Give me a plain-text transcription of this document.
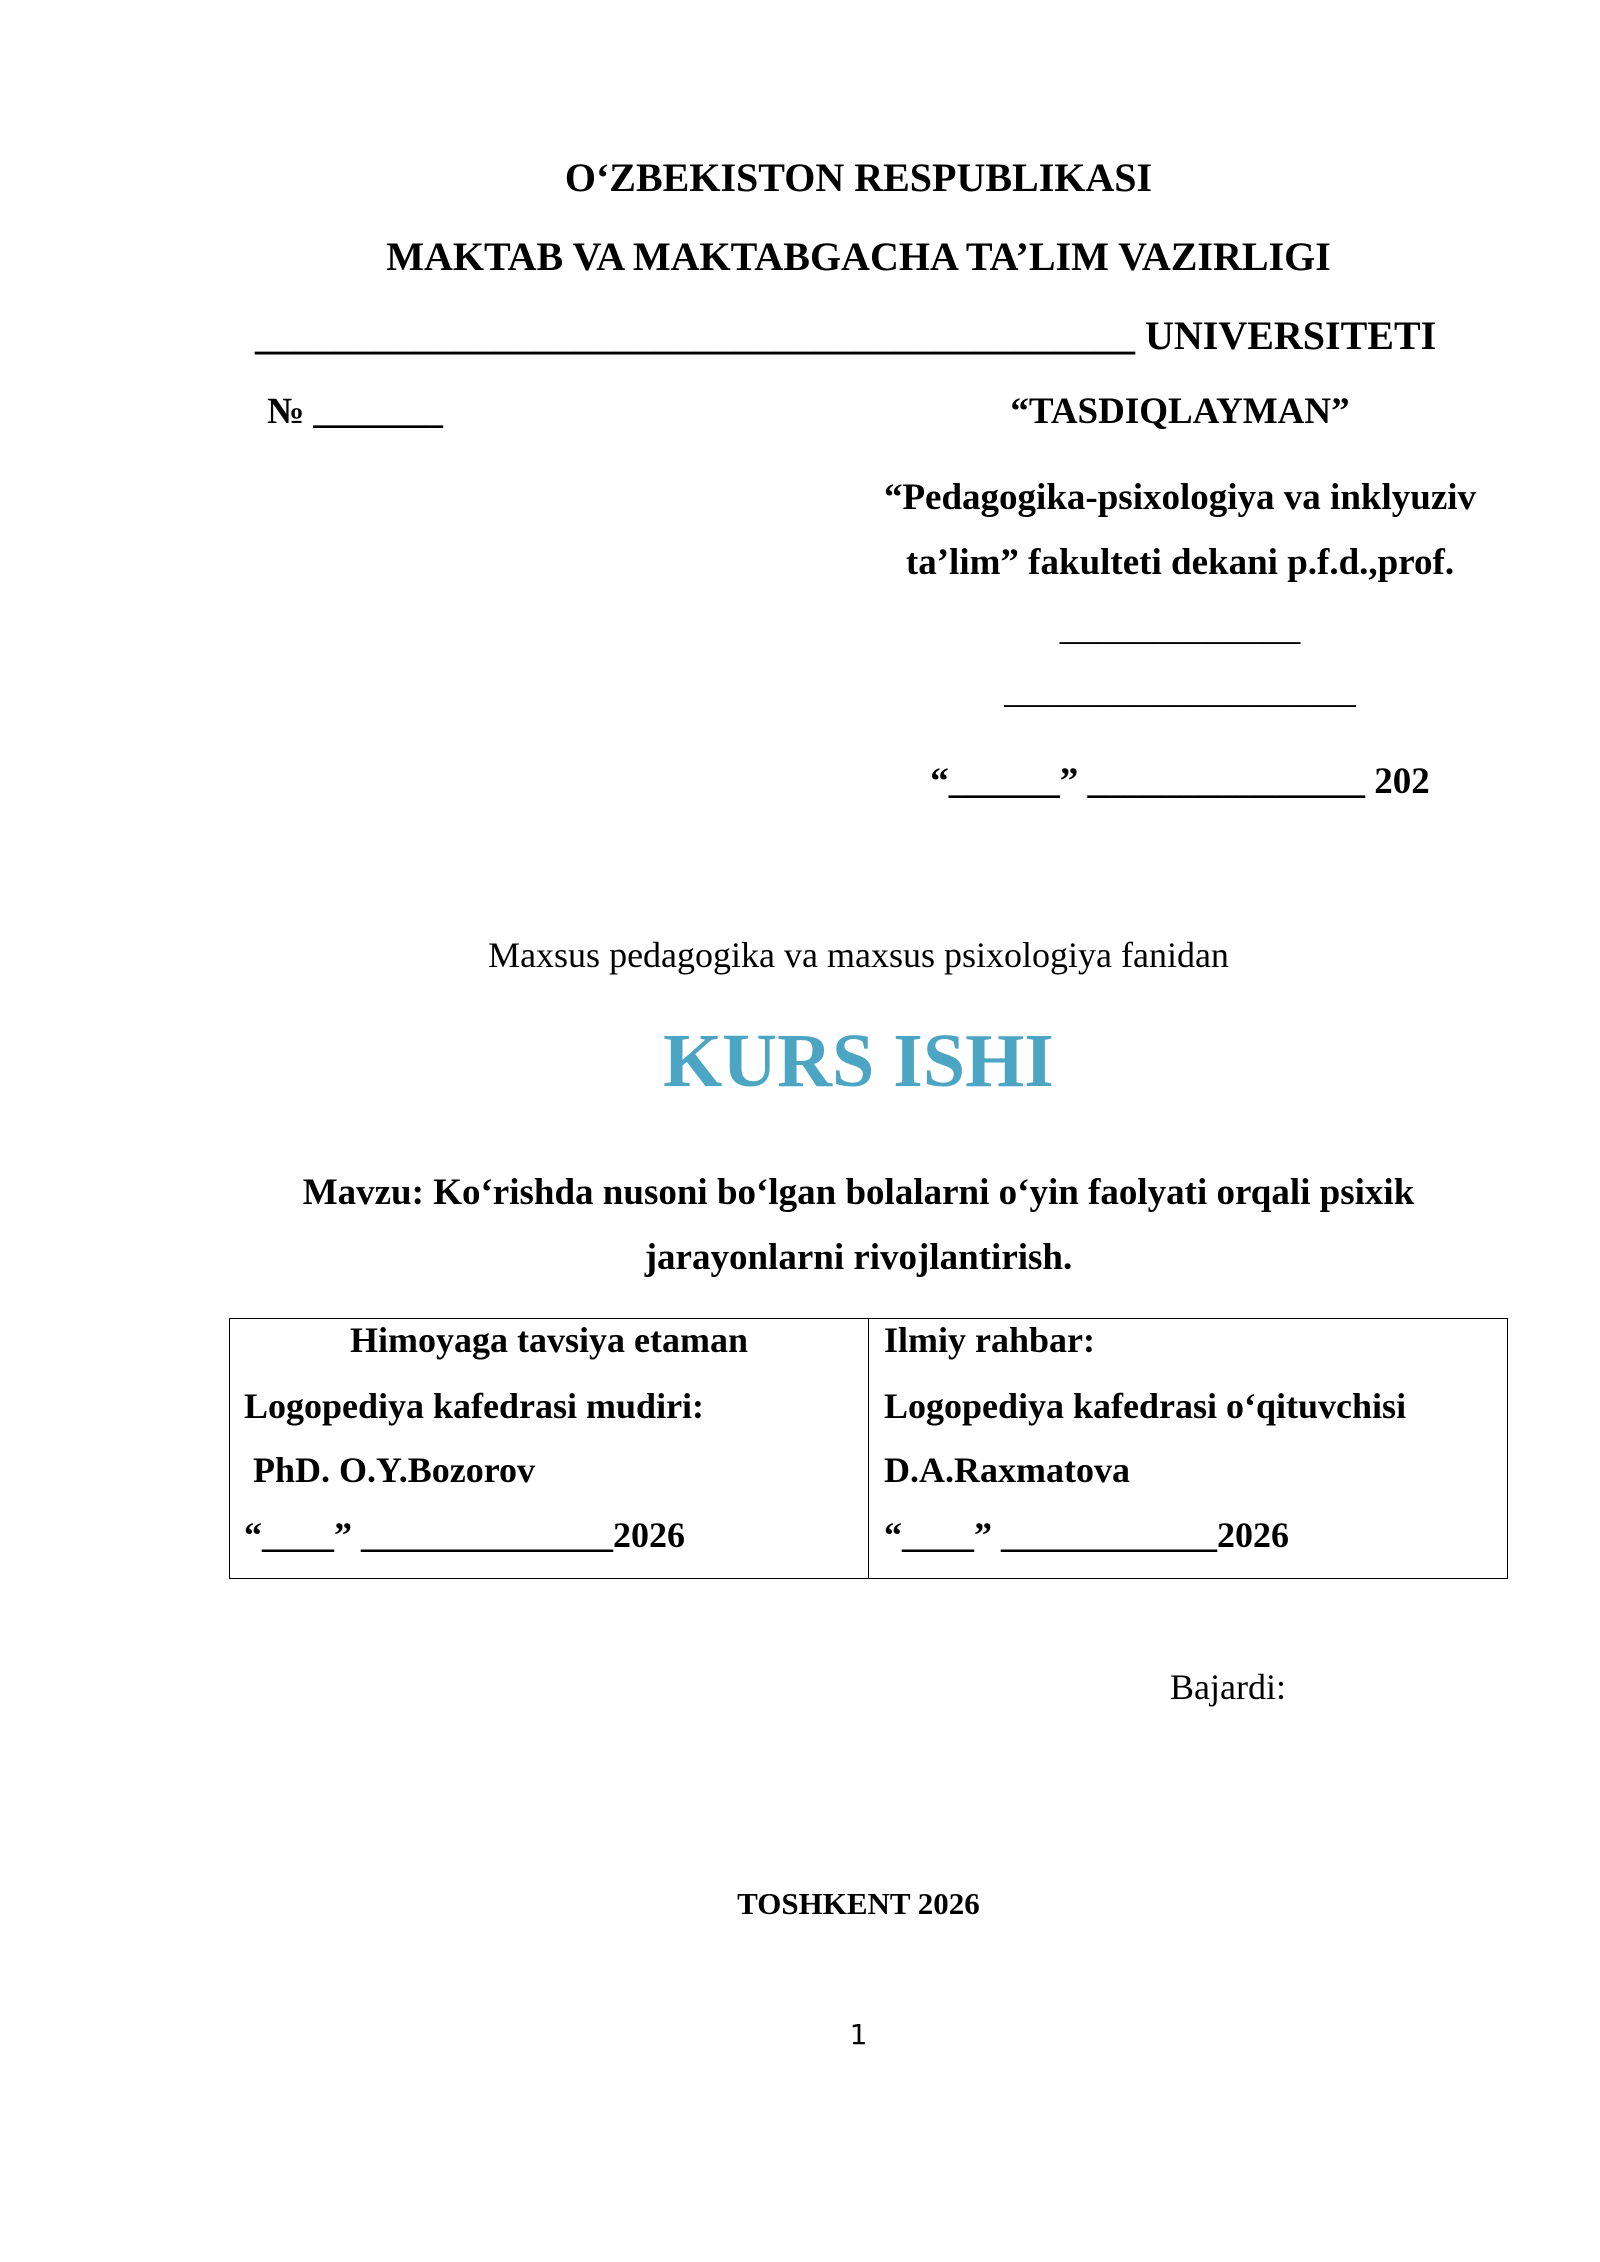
O‘ZBEKISTON RESPUBLIKASI
MAKTAB VA MAKTABGACHA TA’LIM VAZIRLIGI
____________________________________________ UNIVERSITETI
№ _______	“TASDIQLAYMAN”
“Pedagogika-psixologiya va inklyuziv
ta’lim” fakulteti dekani p.f.d.,prof.
_____________
___________________
“______” _______________ 202
Maxsus pedagogika va maxsus psixologiya fanidan
KURS ISHI
Mavzu: Ko‘rishda nusoni bo‘lgan bolalarni o‘yin faolyati orqali psixik
jarayonlarni rivojlantirish.
Himoyaga tavsiya etaman
Logopediya kafedrasi mudiri:
PhD. O.Y.Bozorov
“____” ______________2026
Ilmiy rahbar:
Logopediya kafedrasi o‘qituvchisi
D.A.Raxmatova
“____” ____________2026
Bajardi:
TOSHKENT 2026
1
